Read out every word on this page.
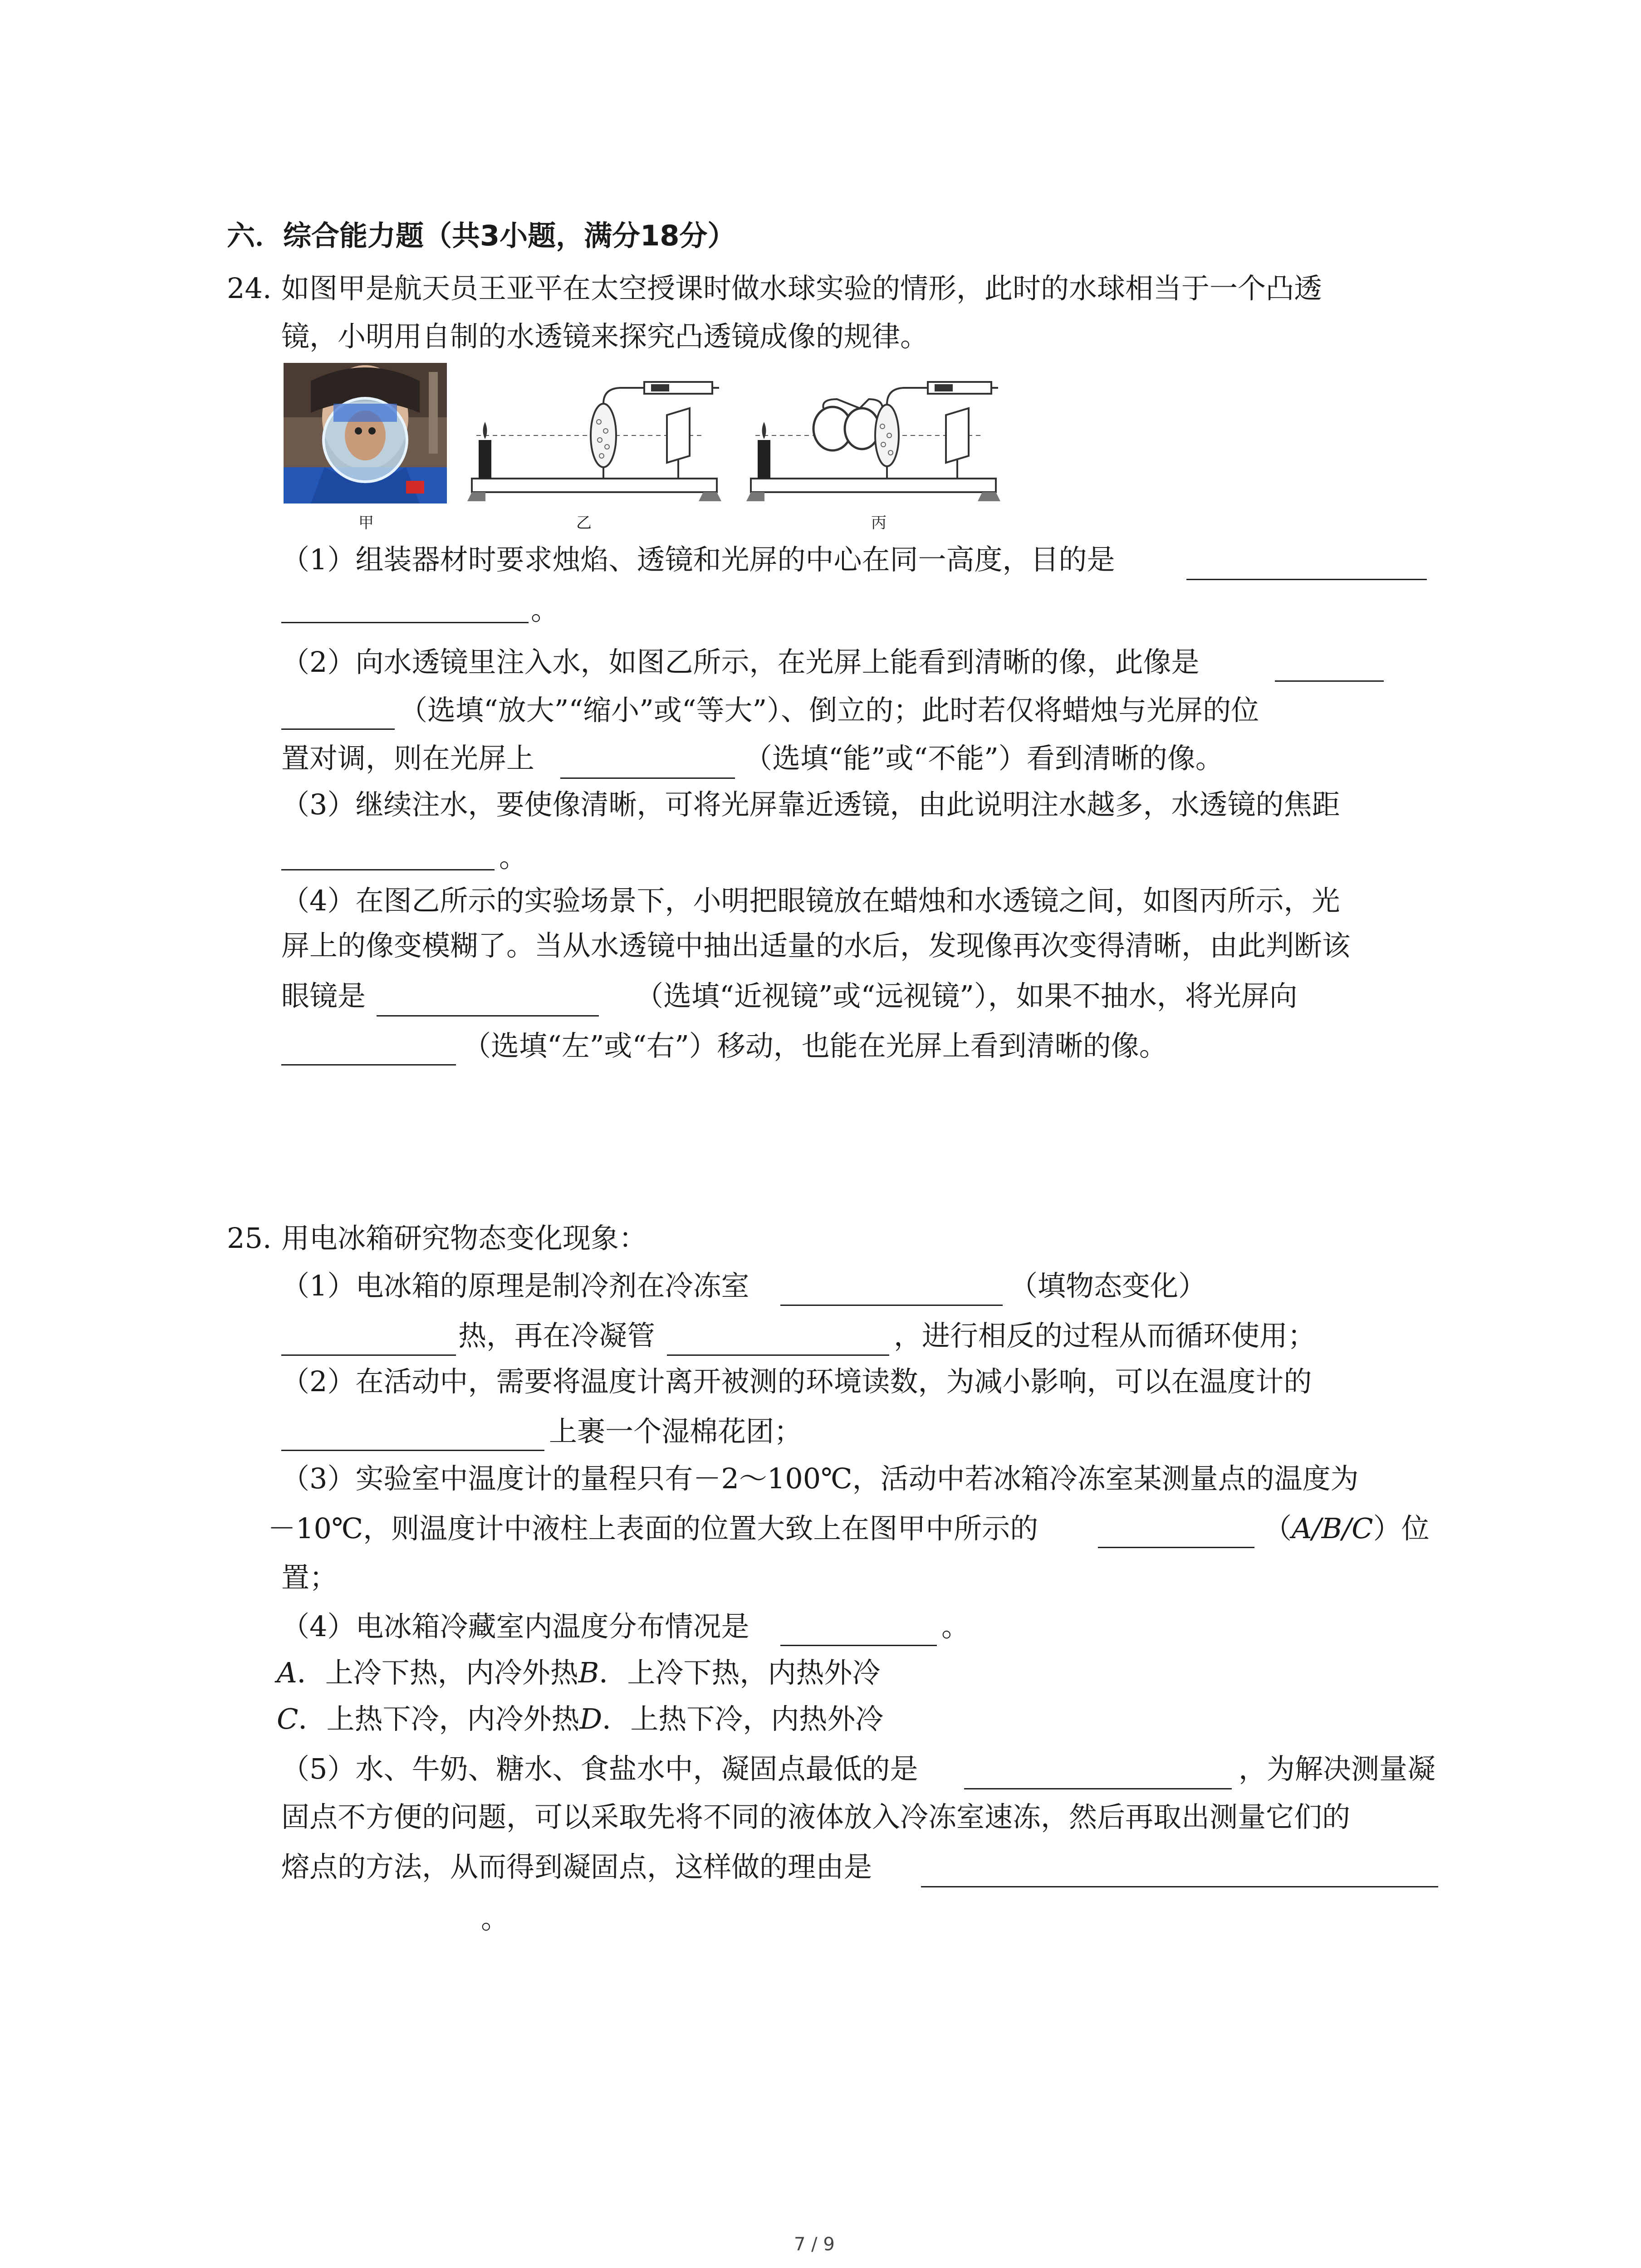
六．综合能力题（共3小题，满分18分）
24. 如图甲是航天员王亚平在太空授课时做水球实验的情形，此时的水球相当于一个凸透
镜，小明用自制的水透镜来探究凸透镜成像的规律。
甲	乙	丙
（1）组装器材时要求烛焰、透镜和光屏的中心在同一高度，目的是
。
（2）向水透镜里注入水，如图乙所示，在光屏上能看到清晰的像，此像是
（选填“放大”“缩小”或“等大”）、倒立的；此时若仅将蜡烛与光屏的位
置对调，则在光屏上	（选填“能”或“不能”）看到清晰的像。
（3）继续注水，要使像清晰，可将光屏靠近透镜，由此说明注水越多，水透镜的焦距
。
（4）在图乙所示的实验场景下，小明把眼镜放在蜡烛和水透镜之间，如图丙所示，光
屏上的像变模糊了。当从水透镜中抽出适量的水后，发现像再次变得清晰，由此判断该
眼镜是	（选填“近视镜”或“远视镜”），如果不抽水，将光屏向
（选填“左”或“右”）移动，也能在光屏上看到清晰的像。
25. 用电冰箱研究物态变化现象：
（1）电冰箱的原理是制冷剂在冷冻室	（填物态变化）
热，再在冷凝管	，进行相反的过程从而循环使用；
（2）在活动中，需要将温度计离开被测的环境读数，为减小影响，可以在温度计的
上裹一个湿棉花团；
（3）实验室中温度计的量程只有－2～100℃，活动中若冰箱冷冻室某测量点的温度为
－10℃，则温度计中液柱上表面的位置大致上在图甲中所示的	（A/B/C）位
置；
（4）电冰箱冷藏室内温度分布情况是	。
A．上冷下热，内冷外热B．上冷下热，内热外冷
C．上热下冷，内冷外热D．上热下冷，内热外冷
（5）水、牛奶、糖水、食盐水中，凝固点最低的是	，为解决测量凝
固点不方便的问题，可以采取先将不同的液体放入冷冻室速冻，然后再取出测量它们的
熔点的方法，从而得到凝固点，这样做的理由是
。
7 / 9
